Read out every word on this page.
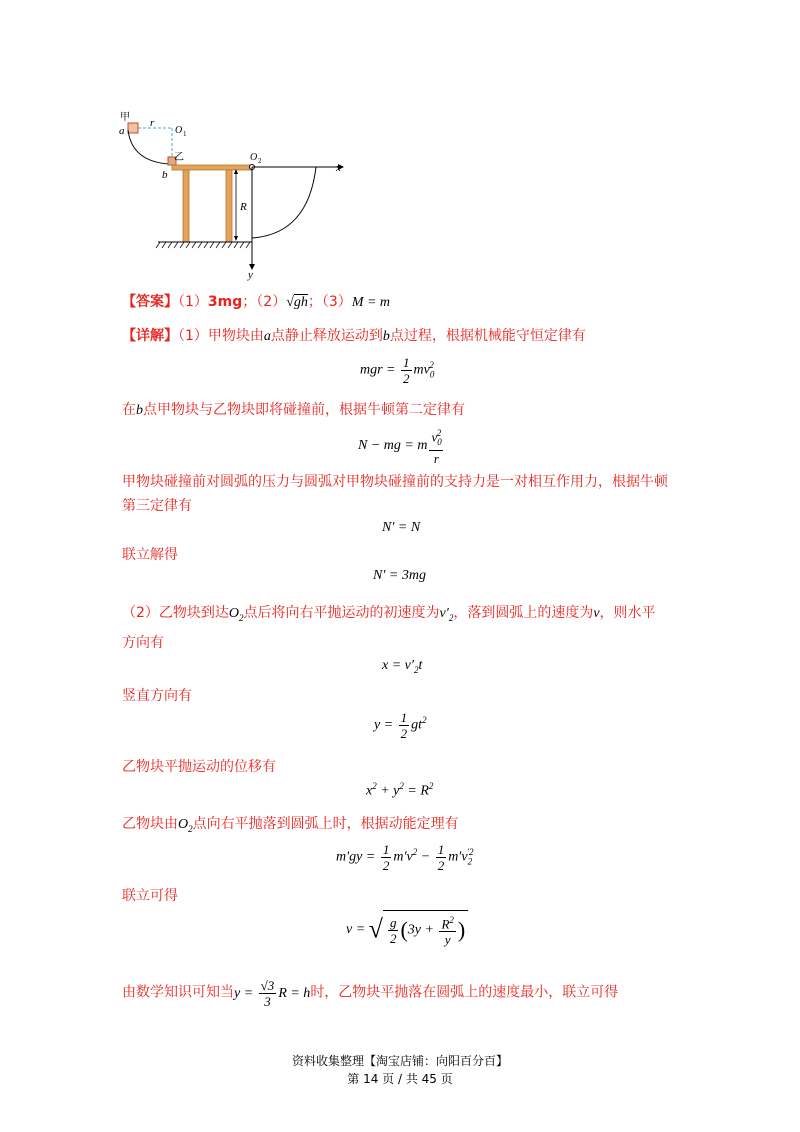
甲
a
r
O 1
乙
b
O 2
x
y
R
【答案】（1）3mg；（2）√gh；（3）M = m
【详解】（1）甲物块由a点静止释放运动到b点过程，根据机械能守恒定律有
mgr = $\frac{1}{2} mv_0^2$
在b点甲物块与乙物块即将碰撞前，根据牛顿第二定律有
N − mg = m $\frac{v_0^2}{r}$
甲物块碰撞前对圆弧的压力与圆弧对甲物块碰撞前的支持力是一对相互作用力，根据牛顿
第三定律有
N′ = N
联立解得
N′ = 3mg
（2）乙物块到达$O_2$点后将向右平抛运动的初速度为$v'_2$，落到圆弧上的速度为v，则水平
方向有
$x = v'_2t$
竖直方向有
$y = \frac{1}{2} gt^2$
乙物块平抛运动的位移有
$x^2 + y^2 = R^2$
乙物块由$O_2$点向右平抛落到圆弧上时，根据动能定理有
$m'gy = \frac{1}{2} m'v^2 - \frac{1}{2} m'v_2^{'2}$
联立可得
v = √ $\frac{g}{2} (3y + \frac{R^2}{y}$ )
由数学知识可知当$y = \frac{√3}{3}$ R = h时，乙物块平抛落在圆弧上的速度最小，联立可得
资料收集整理【淘宝店铺：向阳百分百】
第 14 页 / 共 45 页
